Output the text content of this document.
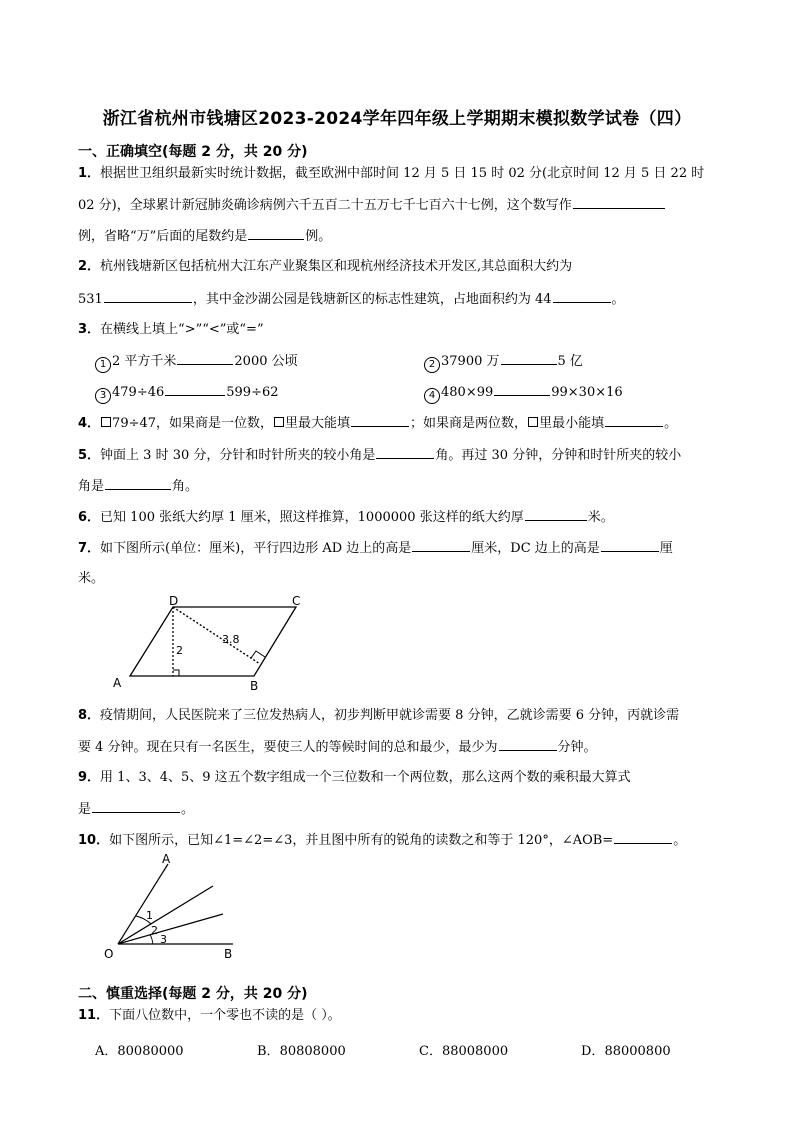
浙江省杭州市钱塘区2023-2024学年四年级上学期期末模拟数学试卷（四）
一、正确填空(每题 2 分，共 20 分)
1．根据世卫组织最新实时统计数据，截至欧洲中部时间 12 月 5 日 15 时 02 分(北京时间 12 月 5 日 22 时
02 分)，全球累计新冠肺炎确诊病例六千五百二十五万七千七百六十七例，这个数写作
例，省略“万”后面的尾数约是	例。
2．杭州钱塘新区包括杭州大江东产业聚集区和现杭州经济技术开发区,其总面积大约为
531	，其中金沙湖公园是钱塘新区的标志性建筑，占地面积约为 44	。
3．在横线上填上“>”“<”或“=”
1 2 平方千米	2000 公顷	2 37900 万	5 亿
3 479÷46	599÷62	4 480×99	99×30×16
4． 79÷47，如果商是一位数， 里最大能填	；如果商是两位数， 里最小能填	。
5．钟面上 3 时 30 分，分针和时针所夹的较小角是	角。再过 30 分钟，分钟和时针所夹的较小
角是	角。
6．已知 100 张纸大约厚 1 厘米，照这样推算，1000000 张这样的纸大约厚	米。
7．如下图所示(单位：厘米)，平行四边形 AD 边上的高是	厘米，DC 边上的高是	厘
米。
A	B
C
D
2
3.8
8．疫情期间，人民医院来了三位发热病人，初步判断甲就诊需要 8 分钟，乙就诊需要 6 分钟，丙就诊需
要 4 分钟。现在只有一名医生，要使三人的等候时间的总和最少，最少为	分钟。
9．用 1、3、4、5、9 这五个数字组成一个三位数和一个两位数，那么这两个数的乘积最大算式
是	。
10．如下图所示，已知∠1=∠2=∠3，并且图中所有的锐角的读数之和等于 120°，∠AOB=	。
A
O	B
1
2
3
二、慎重选择(每题 2 分，共 20 分)
11．下面八位数中，一个零也不读的是（ ）。
A．80080000	B．80808000	C．88008000	D．88000800
